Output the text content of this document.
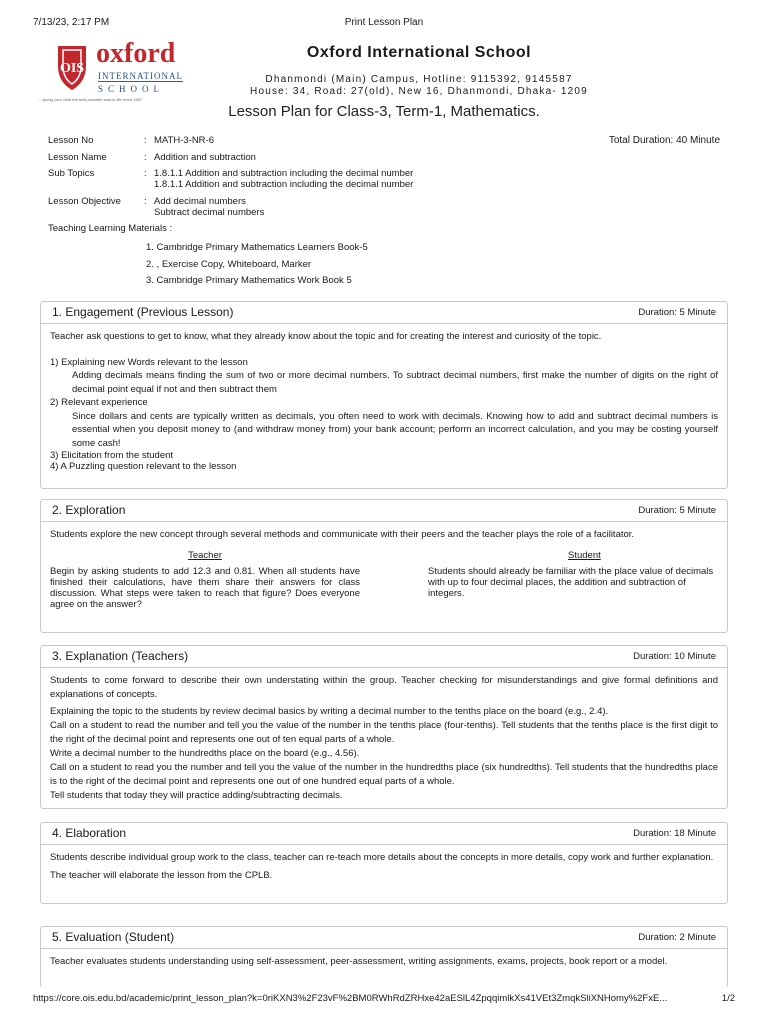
7/13/23, 2:17 PM	Print Lesson Plan
OIS oxford
INTERNATIONAL
SCHOOL
... giving your child the best possible start in life since 1987
Oxford International School
Dhanmondi (Main) Campus, Hotline: 9115392, 9145587
House: 34, Road: 27(old), New 16, Dhanmondi, Dhaka- 1209
Lesson Plan for Class-3, Term-1, Mathematics.
Total Duration: 40 Minute
Lesson No	: MATH-3-NR-6
Lesson Name	: Addition and subtraction
Sub Topics	: 1.8.1.1 Addition and subtraction including the decimal number
1.8.1.1 Addition and subtraction including the decimal number
Lesson Objective	: Add decimal numbers
Subtract decimal numbers
Teaching Learning Materials :
1. Cambridge Primary Mathematics Learners Book-5
2. , Exercise Copy, Whiteboard, Marker
3. Cambridge Primary Mathematics Work Book 5
1. Engagement (Previous Lesson)	Duration: 5 Minute

Teacher ask questions to get to know, what they already know about the topic and for creating the interest and curiosity of the topic.

1) Explaining new Words relevant to the lesson

Adding decimals means finding the sum of two or more decimal numbers. To subtract decimal numbers, first make the number of digits on the right of decimal point equal if not and then subtract them

2) Relevant experience

Since dollars and cents are typically written as decimals, you often need to work with decimals. Knowing how to add and subtract decimal numbers is essential when you deposit money to (and withdraw money from) your bank account; perform an incorrect calculation, and you may be costing yourself some cash!

3) Elicitation from the student

4) A Puzzling question relevant to the lesson

2. Exploration	Duration: 5 Minute

Students explore the new concept through several methods and communicate with their peers and the teacher plays the role of a facilitator.

Teacher
Begin by asking students to add 12.3 and 0.81. When all students have finished their calculations, have them share their answers for class discussion. What steps were taken to reach that figure? Does everyone agree on the answer?
Student
Students should already be familiar with the place value of decimals with up to four decimal places, the addition and subtraction of integers.
3. Explanation (Teachers)	Duration: 10 Minute

Students to come forward to describe their own understating within the group. Teacher checking for misunderstandings and give formal definitions and explanations of concepts.

Explaining the topic to the students by review decimal basics by writing a decimal number to the tenths place on the board (e.g., 2.4).

Call on a student to read the number and tell you the value of the number in the tenths place (four-tenths). Tell students that the tenths place is the first digit to the right of the decimal point and represents one out of ten equal parts of a whole.

Write a decimal number to the hundredths place on the board (e.g., 4.56).

Call on a student to read you the number and tell you the value of the number in the hundredths place (six hundredths). Tell students that the hundredths place is to the right of the decimal point and represents one out of one hundred equal parts of a whole.

Tell students that today they will practice adding/subtracting decimals.

4. Elaboration	Duration: 18 Minute

Students describe individual group work to the class, teacher can re-teach more details about the concepts in more details, copy work and further explanation.

The teacher will elaborate the lesson from the CPLB.

5. Evaluation (Student)	Duration: 2 Minute

Teacher evaluates students understanding using self-assessment, peer-assessment, writing assignments, exams, projects, book report or a model.

https://core.ois.edu.bd/academic/print_lesson_plan?k=0riKXN3%2F23vF%2BM0RWhRdZRHxe42aESlL4ZpqqimlkXs41VEt3ZmqkSliXNHomy%2FxE...	1/2
